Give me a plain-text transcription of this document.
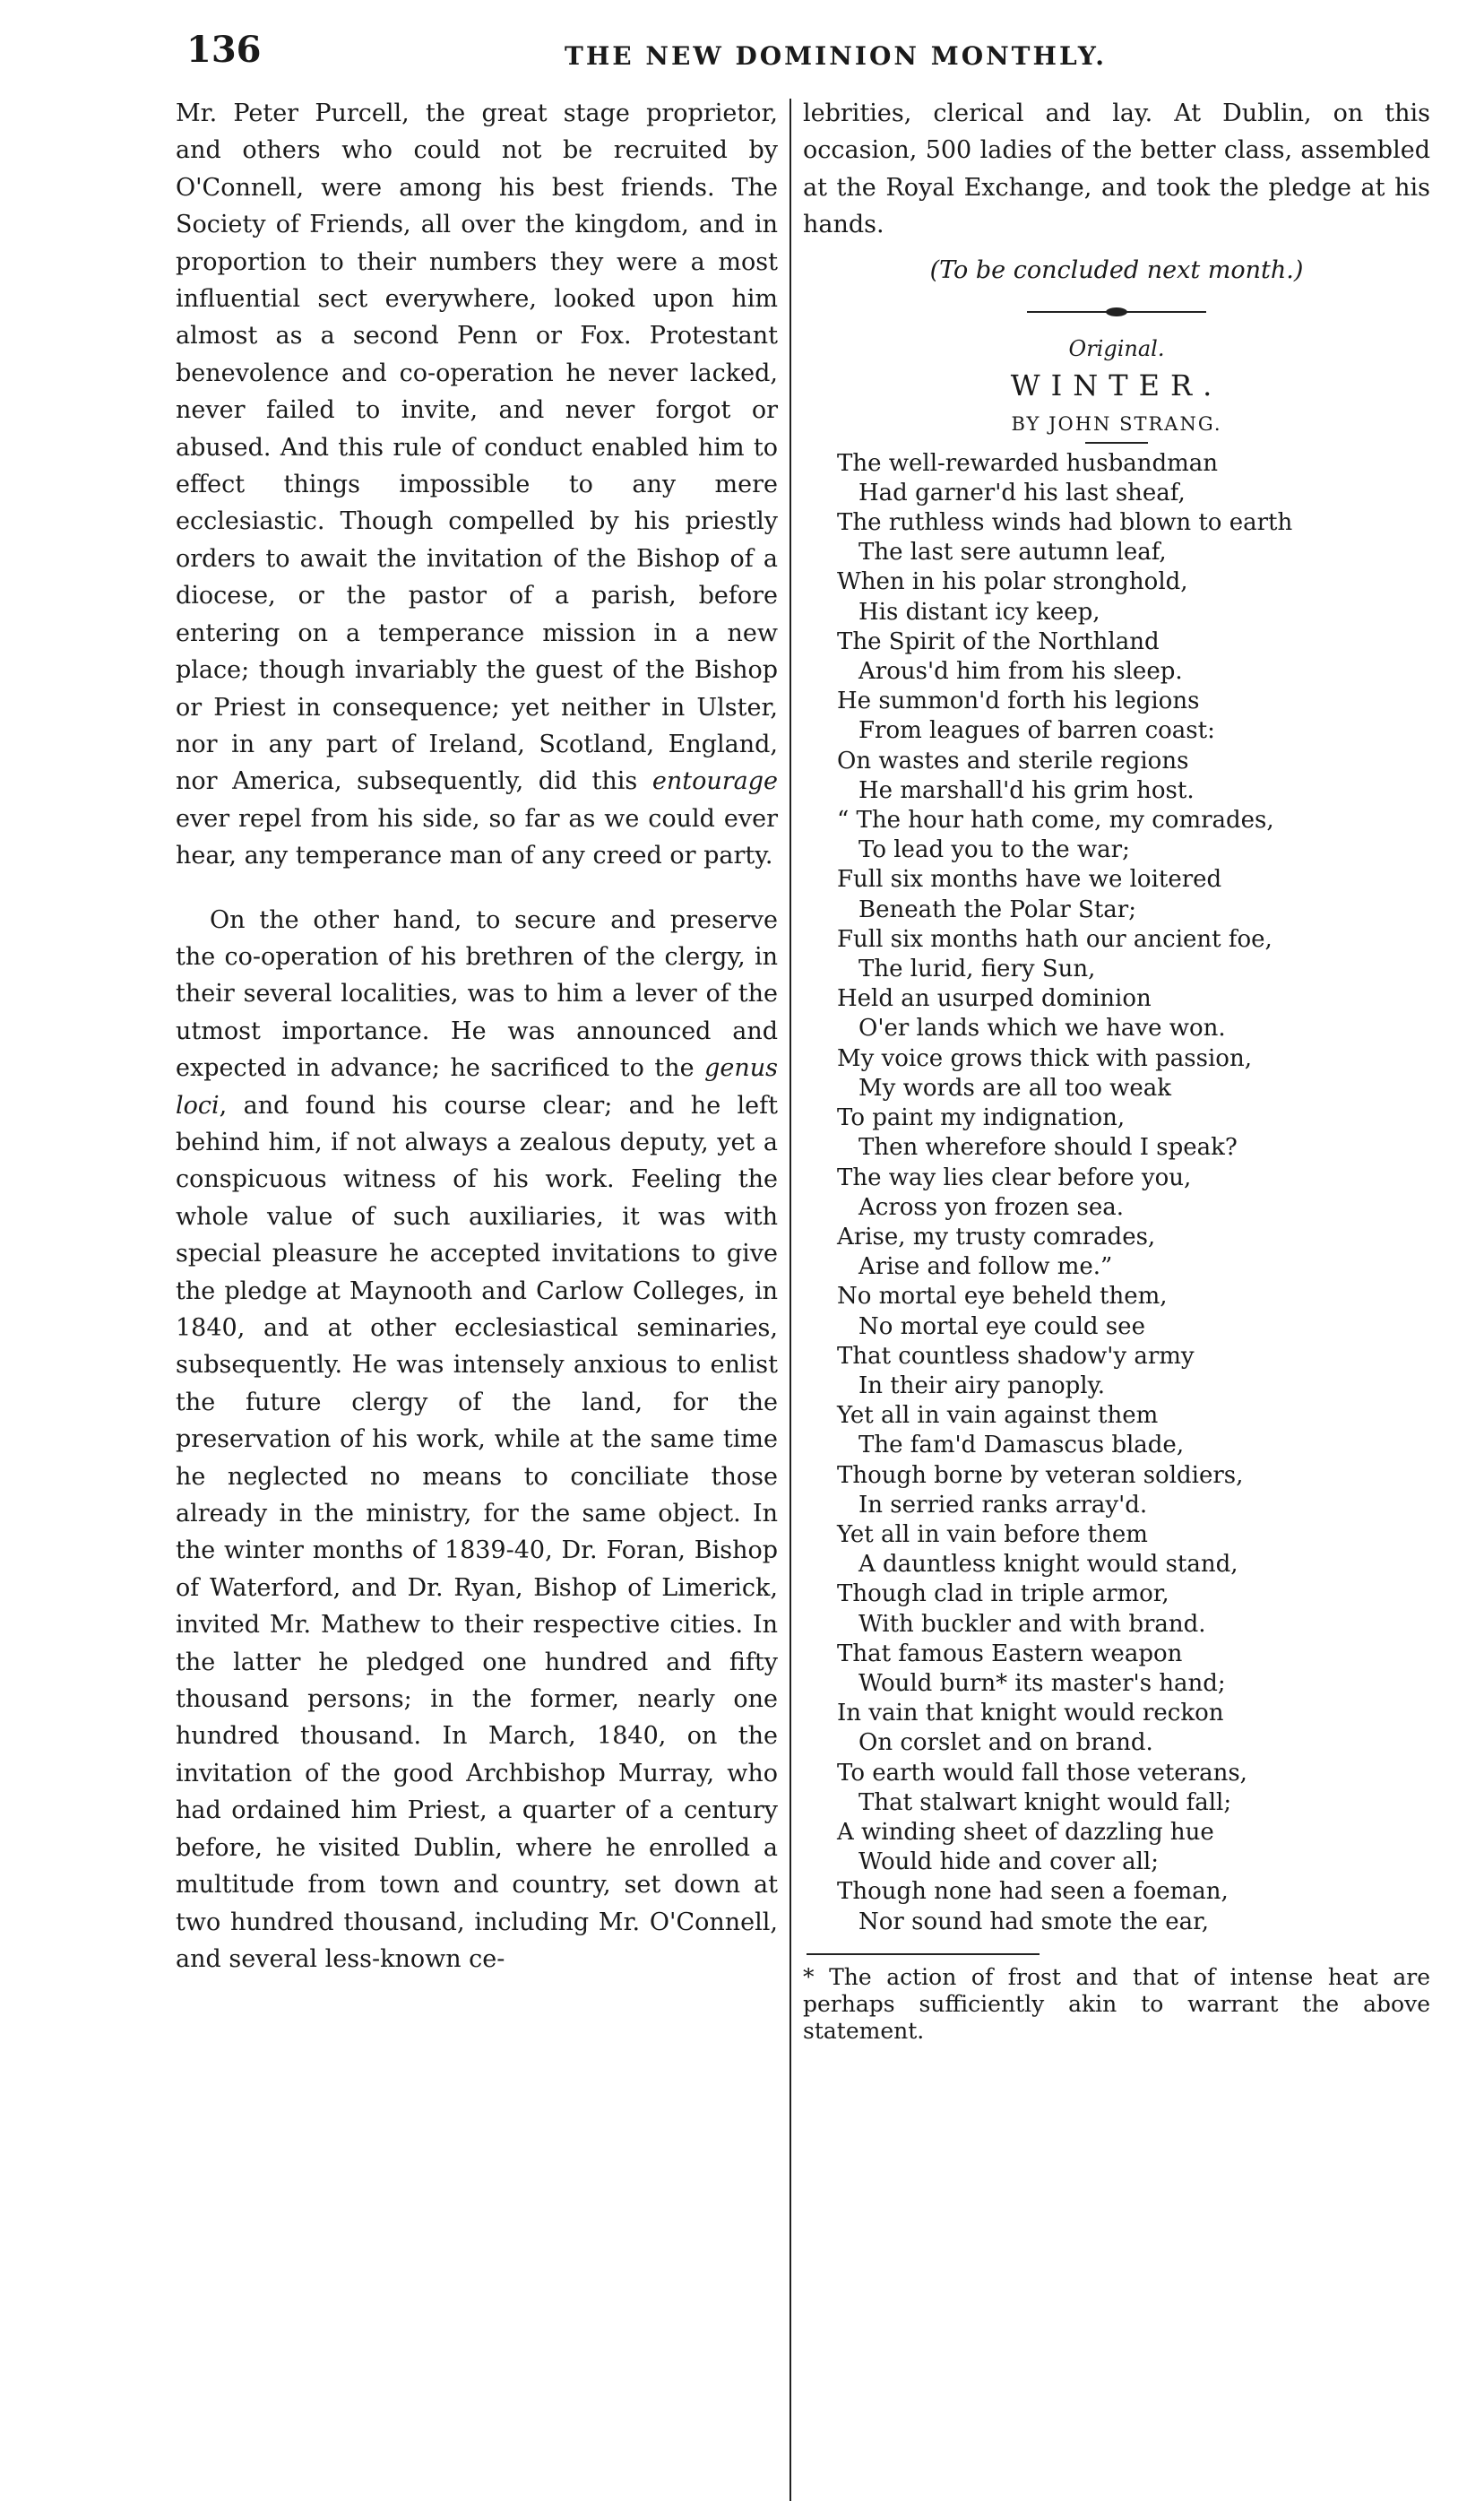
136	THE NEW DOMINION MONTHLY.

Mr. Peter Purcell, the great stage proprietor, and others who could not be recruited by O'Connell, were among his best friends. The Society of Friends, all over the kingdom, and in proportion to their numbers they were a most influential sect everywhere, looked upon him almost as a second Penn or Fox. Protestant benevolence and co-operation he never lacked, never failed to invite, and never forgot or abused. And this rule of conduct enabled him to effect things impossible to any mere ecclesiastic. Though compelled by his priestly orders to await the invitation of the Bishop of a diocese, or the pastor of a parish, before entering on a temperance mission in a new place; though invariably the guest of the Bishop or Priest in consequence; yet neither in Ulster, nor in any part of Ireland, Scotland, England, nor America, subsequently, did this entourage ever repel from his side, so far as we could ever hear, any temperance man of any creed or party.

On the other hand, to secure and preserve the co-operation of his brethren of the clergy, in their several localities, was to him a lever of the utmost importance. He was announced and expected in advance; he sacrificed to the genus loci, and found his course clear; and he left behind him, if not always a zealous deputy, yet a conspicuous witness of his work. Feeling the whole value of such auxiliaries, it was with special pleasure he accepted invitations to give the pledge at Maynooth and Carlow Colleges, in 1840, and at other ecclesiastical seminaries, subsequently. He was intensely anxious to enlist the future clergy of the land, for the preservation of his work, while at the same time he neglected no means to conciliate those already in the ministry, for the same object. In the winter months of 1839-40, Dr. Foran, Bishop of Waterford, and Dr. Ryan, Bishop of Limerick, invited Mr. Mathew to their respective cities. In the latter he pledged one hundred and fifty thousand persons; in the former, nearly one hundred thousand. In March, 1840, on the invitation of the good Archbishop Murray, who had ordained him Priest, a quarter of a century before, he visited Dublin, where he enrolled a multitude from town and country, set down at two hundred thousand, including Mr. O'Connell, and several less-known ce-

lebrities, clerical and lay. At Dublin, on this occasion, 500 ladies of the better class, assembled at the Royal Exchange, and took the pledge at his hands.

(To be concluded next month.)

Original.
WINTER.
BY JOHN STRANG.

The well-rewarded husbandman

Had garner'd his last sheaf,

The ruthless winds had blown to earth

The last sere autumn leaf,

When in his polar stronghold,

His distant icy keep,

The Spirit of the Northland

Arous'd him from his sleep.

He summon'd forth his legions

From leagues of barren coast:

On wastes and sterile regions

He marshall'd his grim host.

“ The hour hath come, my comrades,

To lead you to the war;

Full six months have we loitered

Beneath the Polar Star;

Full six months hath our ancient foe,

The lurid, fiery Sun,

Held an usurped dominion

O'er lands which we have won.

My voice grows thick with passion,

My words are all too weak

To paint my indignation,

Then wherefore should I speak?

The way lies clear before you,

Across yon frozen sea.

Arise, my trusty comrades,

Arise and follow me.”

No mortal eye beheld them,

No mortal eye could see

That countless shadow'y army

In their airy panoply.

Yet all in vain against them

The fam'd Damascus blade,

Though borne by veteran soldiers,

In serried ranks array'd.

Yet all in vain before them

A dauntless knight would stand,

Though clad in triple armor,

With buckler and with brand.

That famous Eastern weapon

Would burn* its master's hand;

In vain that knight would reckon

On corslet and on brand.

To earth would fall those veterans,

That stalwart knight would fall;

A winding sheet of dazzling hue

Would hide and cover all;

Though none had seen a foeman,

Nor sound had smote the ear,

* The action of frost and that of intense heat are perhaps sufficiently akin to warrant the above statement.
